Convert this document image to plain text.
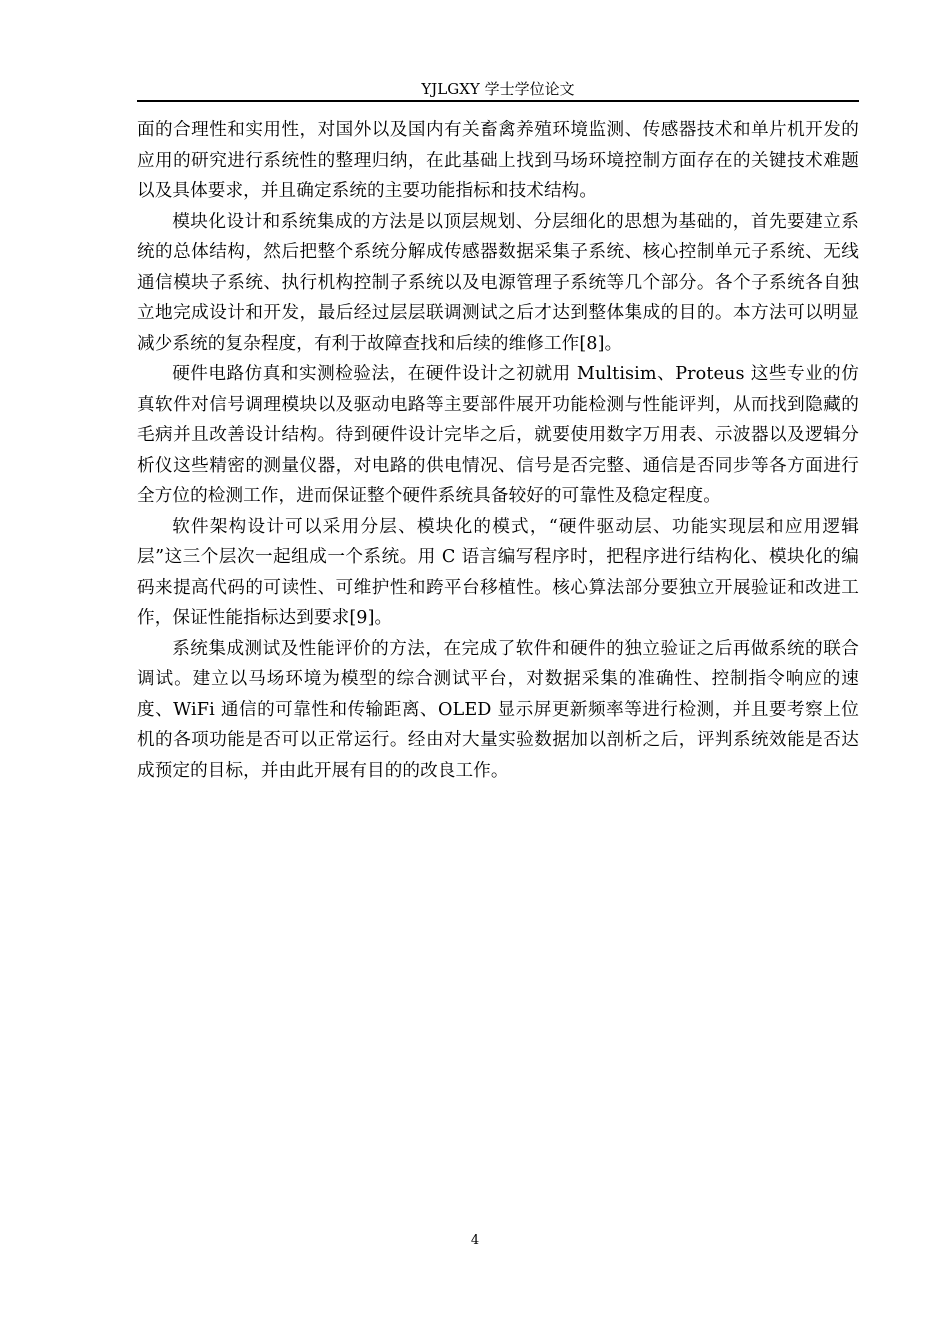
YJLGXY 学士学位论文

面的合理性和实用性，对国外以及国内有关畜禽养殖环境监测、传感器技术和单片机开发的应用的研究进行系统性的整理归纳，在此基础上找到马场环境控制方面存在的关键技术难题以及具体要求，并且确定系统的主要功能指标和技术结构。

模块化设计和系统集成的方法是以顶层规划、分层细化的思想为基础的，首先要建立系统的总体结构，然后把整个系统分解成传感器数据采集子系统、核心控制单元子系统、无线通信模块子系统、执行机构控制子系统以及电源管理子系统等几个部分。各个子系统各自独立地完成设计和开发，最后经过层层联调测试之后才达到整体集成的目的。本方法可以明显减少系统的复杂程度，有利于故障查找和后续的维修工作[8]。

硬件电路仿真和实测检验法，在硬件设计之初就用 Multisim、Proteus 这些专业的仿真软件对信号调理模块以及驱动电路等主要部件展开功能检测与性能评判，从而找到隐藏的毛病并且改善设计结构。待到硬件设计完毕之后，就要使用数字万用表、示波器以及逻辑分析仪这些精密的测量仪器，对电路的供电情况、信号是否完整、通信是否同步等各方面进行全方位的检测工作，进而保证整个硬件系统具备较好的可靠性及稳定程度。

软件架构设计可以采用分层、模块化的模式，“硬件驱动层、功能实现层和应用逻辑层”这三个层次一起组成一个系统。用 C 语言编写程序时，把程序进行结构化、模块化的编码来提高代码的可读性、可维护性和跨平台移植性。核心算法部分要独立开展验证和改进工作，保证性能指标达到要求[9]。

系统集成测试及性能评价的方法，在完成了软件和硬件的独立验证之后再做系统的联合调试。建立以马场环境为模型的综合测试平台，对数据采集的准确性、控制指令响应的速度、WiFi 通信的可靠性和传输距离、OLED 显示屏更新频率等进行检测，并且要考察上位机的各项功能是否可以正常运行。经由对大量实验数据加以剖析之后，评判系统效能是否达成预定的目标，并由此开展有目的的改良工作。

4
